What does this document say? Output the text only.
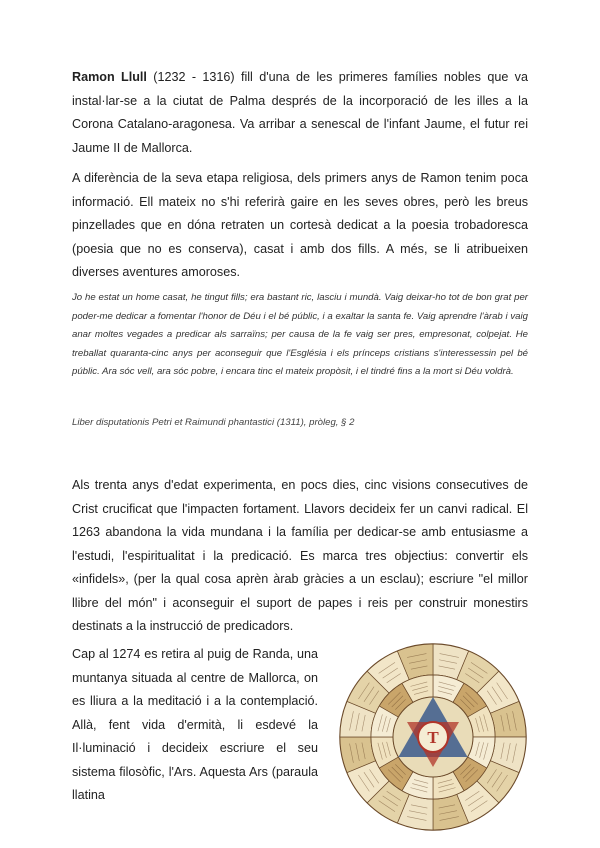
Ramon Llull (1232 - 1316) fill d'una de les primeres famílies nobles que va instal·lar-se a la ciutat de Palma després de la incorporació de les illes a la Corona Catalano-aragonesa. Va arribar a senescal de l'infant Jaume, el futur rei Jaume II de Mallorca.

A diferència de la seva etapa religiosa, dels primers anys de Ramon tenim poca informació. Ell mateix no s'hi referirà gaire en les seves obres, però les breus pinzellades que en dóna retraten un cortesà dedicat a la poesia trobadoresca (poesia que no es conserva), casat i amb dos fills. A més, se li atribueixen diverses aventures amoroses.

Jo he estat un home casat, he tingut fills; era bastant ric, lasciu i mundà. Vaig deixar-ho tot de bon grat per poder-me dedicar a fomentar l'honor de Déu i el bé públic, i a exaltar la santa fe. Vaig aprendre l'àrab i vaig anar moltes vegades a predicar als sarraïns; per causa de la fe vaig ser pres, empresonat, colpejat. He treballat quaranta-cinc anys per aconseguir que l'Església i els prínceps cristians s'interessessin pel bé públic. Ara sóc vell, ara sóc pobre, i encara tinc el mateix propòsit, i el tindré fins a la mort si Déu voldrà.

Liber disputationis Petri et Raimundi phantastici (1311), pròleg, § 2

Als trenta anys d'edat experimenta, en pocs dies, cinc visions consecutives de Crist crucificat que l'impacten fortament. Llavors decideix fer un canvi radical. El 1263 abandona la vida mundana i la família per dedicar-se amb entusiasme a l'estudi, l'espiritualitat i la predicació. Es marca tres objectius: convertir els «infidels», (per la qual cosa aprèn àrab gràcies a un esclau); escriure "el millor llibre del món" i aconseguir el suport de papes i reis per construir monestirs destinats a la instrucció de predicadors.

Cap al 1274 es retira al puig de Randa, una muntanya situada al centre de Mallorca, on es lliura a la meditació i a la contemplació. Allà, fent vida d'ermità, li esdevé la Il·luminació i decideix escriure el seu sistema filosòfic, l'Ars. Aquesta Ars (paraula llatina

T
